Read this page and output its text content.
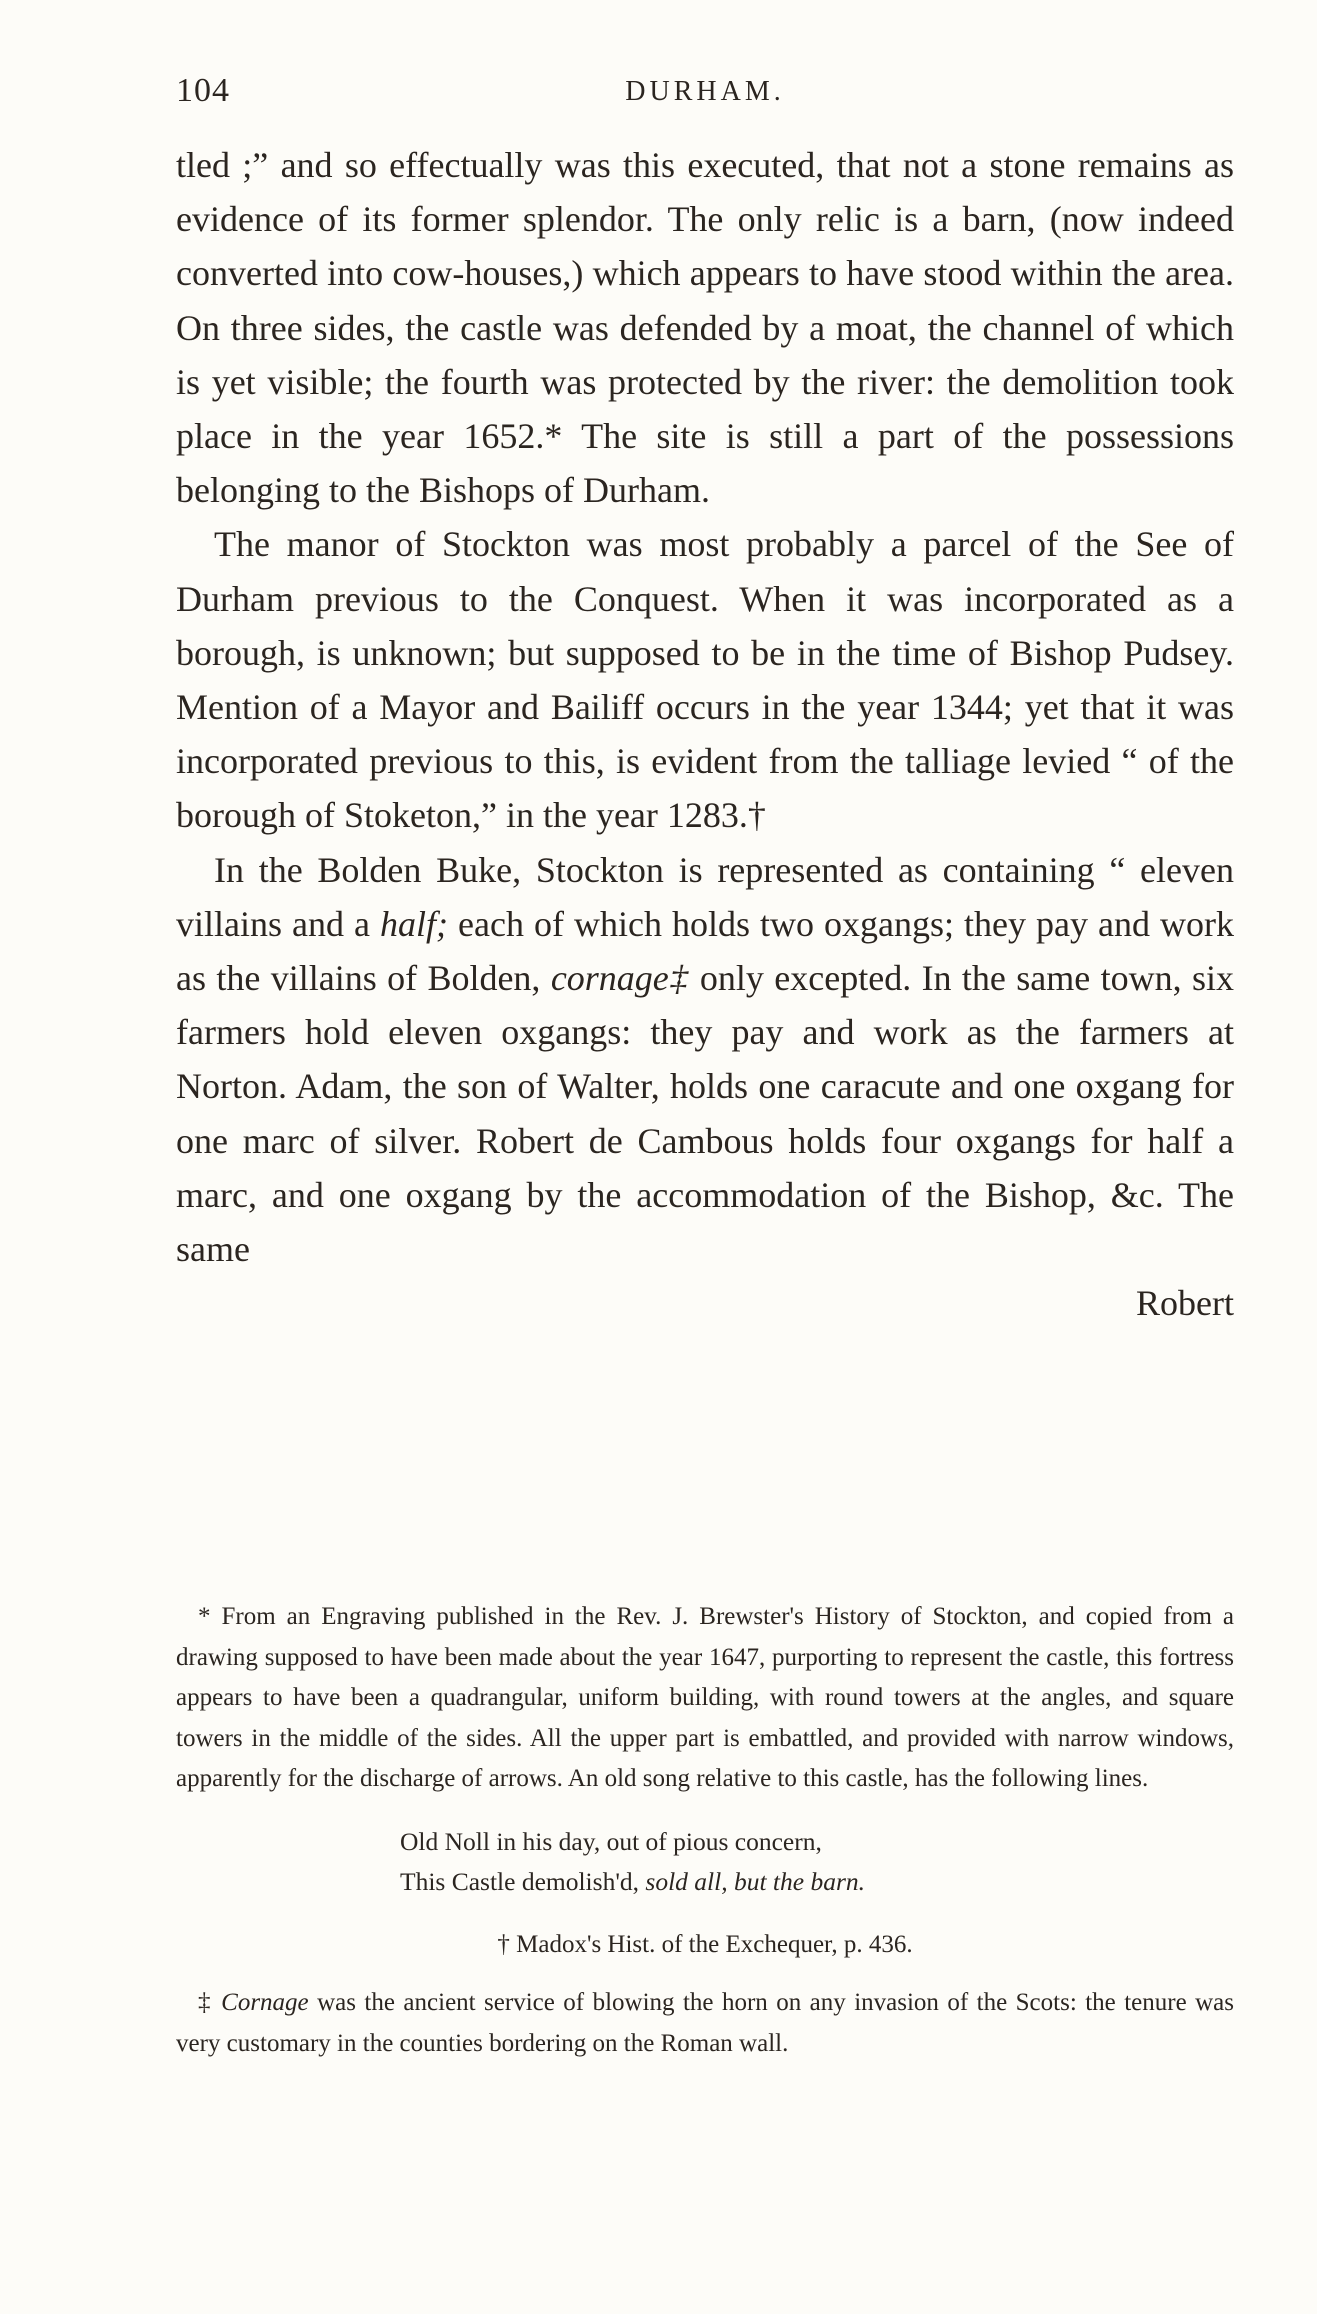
104	DURHAM.

tled ;” and so effectually was this executed, that not a stone remains as evidence of its former splendor. The only relic is a barn, (now indeed converted into cow-houses,) which appears to have stood within the area. On three sides, the castle was defended by a moat, the channel of which is yet visible; the fourth was protected by the river: the demolition took place in the year 1652.* The site is still a part of the possessions belonging to the Bishops of Durham.

The manor of Stockton was most probably a parcel of the See of Durham previous to the Conquest. When it was incorporated as a borough, is unknown; but supposed to be in the time of Bishop Pudsey. Mention of a Mayor and Bailiff occurs in the year 1344; yet that it was incorporated previous to this, is evident from the talliage levied “ of the borough of Stoketon,” in the year 1283.†

In the Bolden Buke, Stockton is represented as containing “ eleven villains and a half; each of which holds two oxgangs; they pay and work as the villains of Bolden, cornage‡ only excepted. In the same town, six farmers hold eleven oxgangs: they pay and work as the farmers at Norton. Adam, the son of Walter, holds one caracute and one oxgang for one marc of silver. Robert de Cambous holds four oxgangs for half a marc, and one oxgang by the accommodation of the Bishop, &c. The same

Robert

* From an Engraving published in the Rev. J. Brewster's History of Stockton, and copied from a drawing supposed to have been made about the year 1647, purporting to represent the castle, this fortress appears to have been a quadrangular, uniform building, with round towers at the angles, and square towers in the middle of the sides. All the upper part is embattled, and provided with narrow windows, apparently for the discharge of arrows. An old song relative to this castle, has the following lines.

Old Noll in his day, out of pious concern,
This Castle demolish'd, sold all, but the barn.

† Madox's Hist. of the Exchequer, p. 436.

‡ Cornage was the ancient service of blowing the horn on any invasion of the Scots: the tenure was very customary in the counties bordering on the Roman wall.
